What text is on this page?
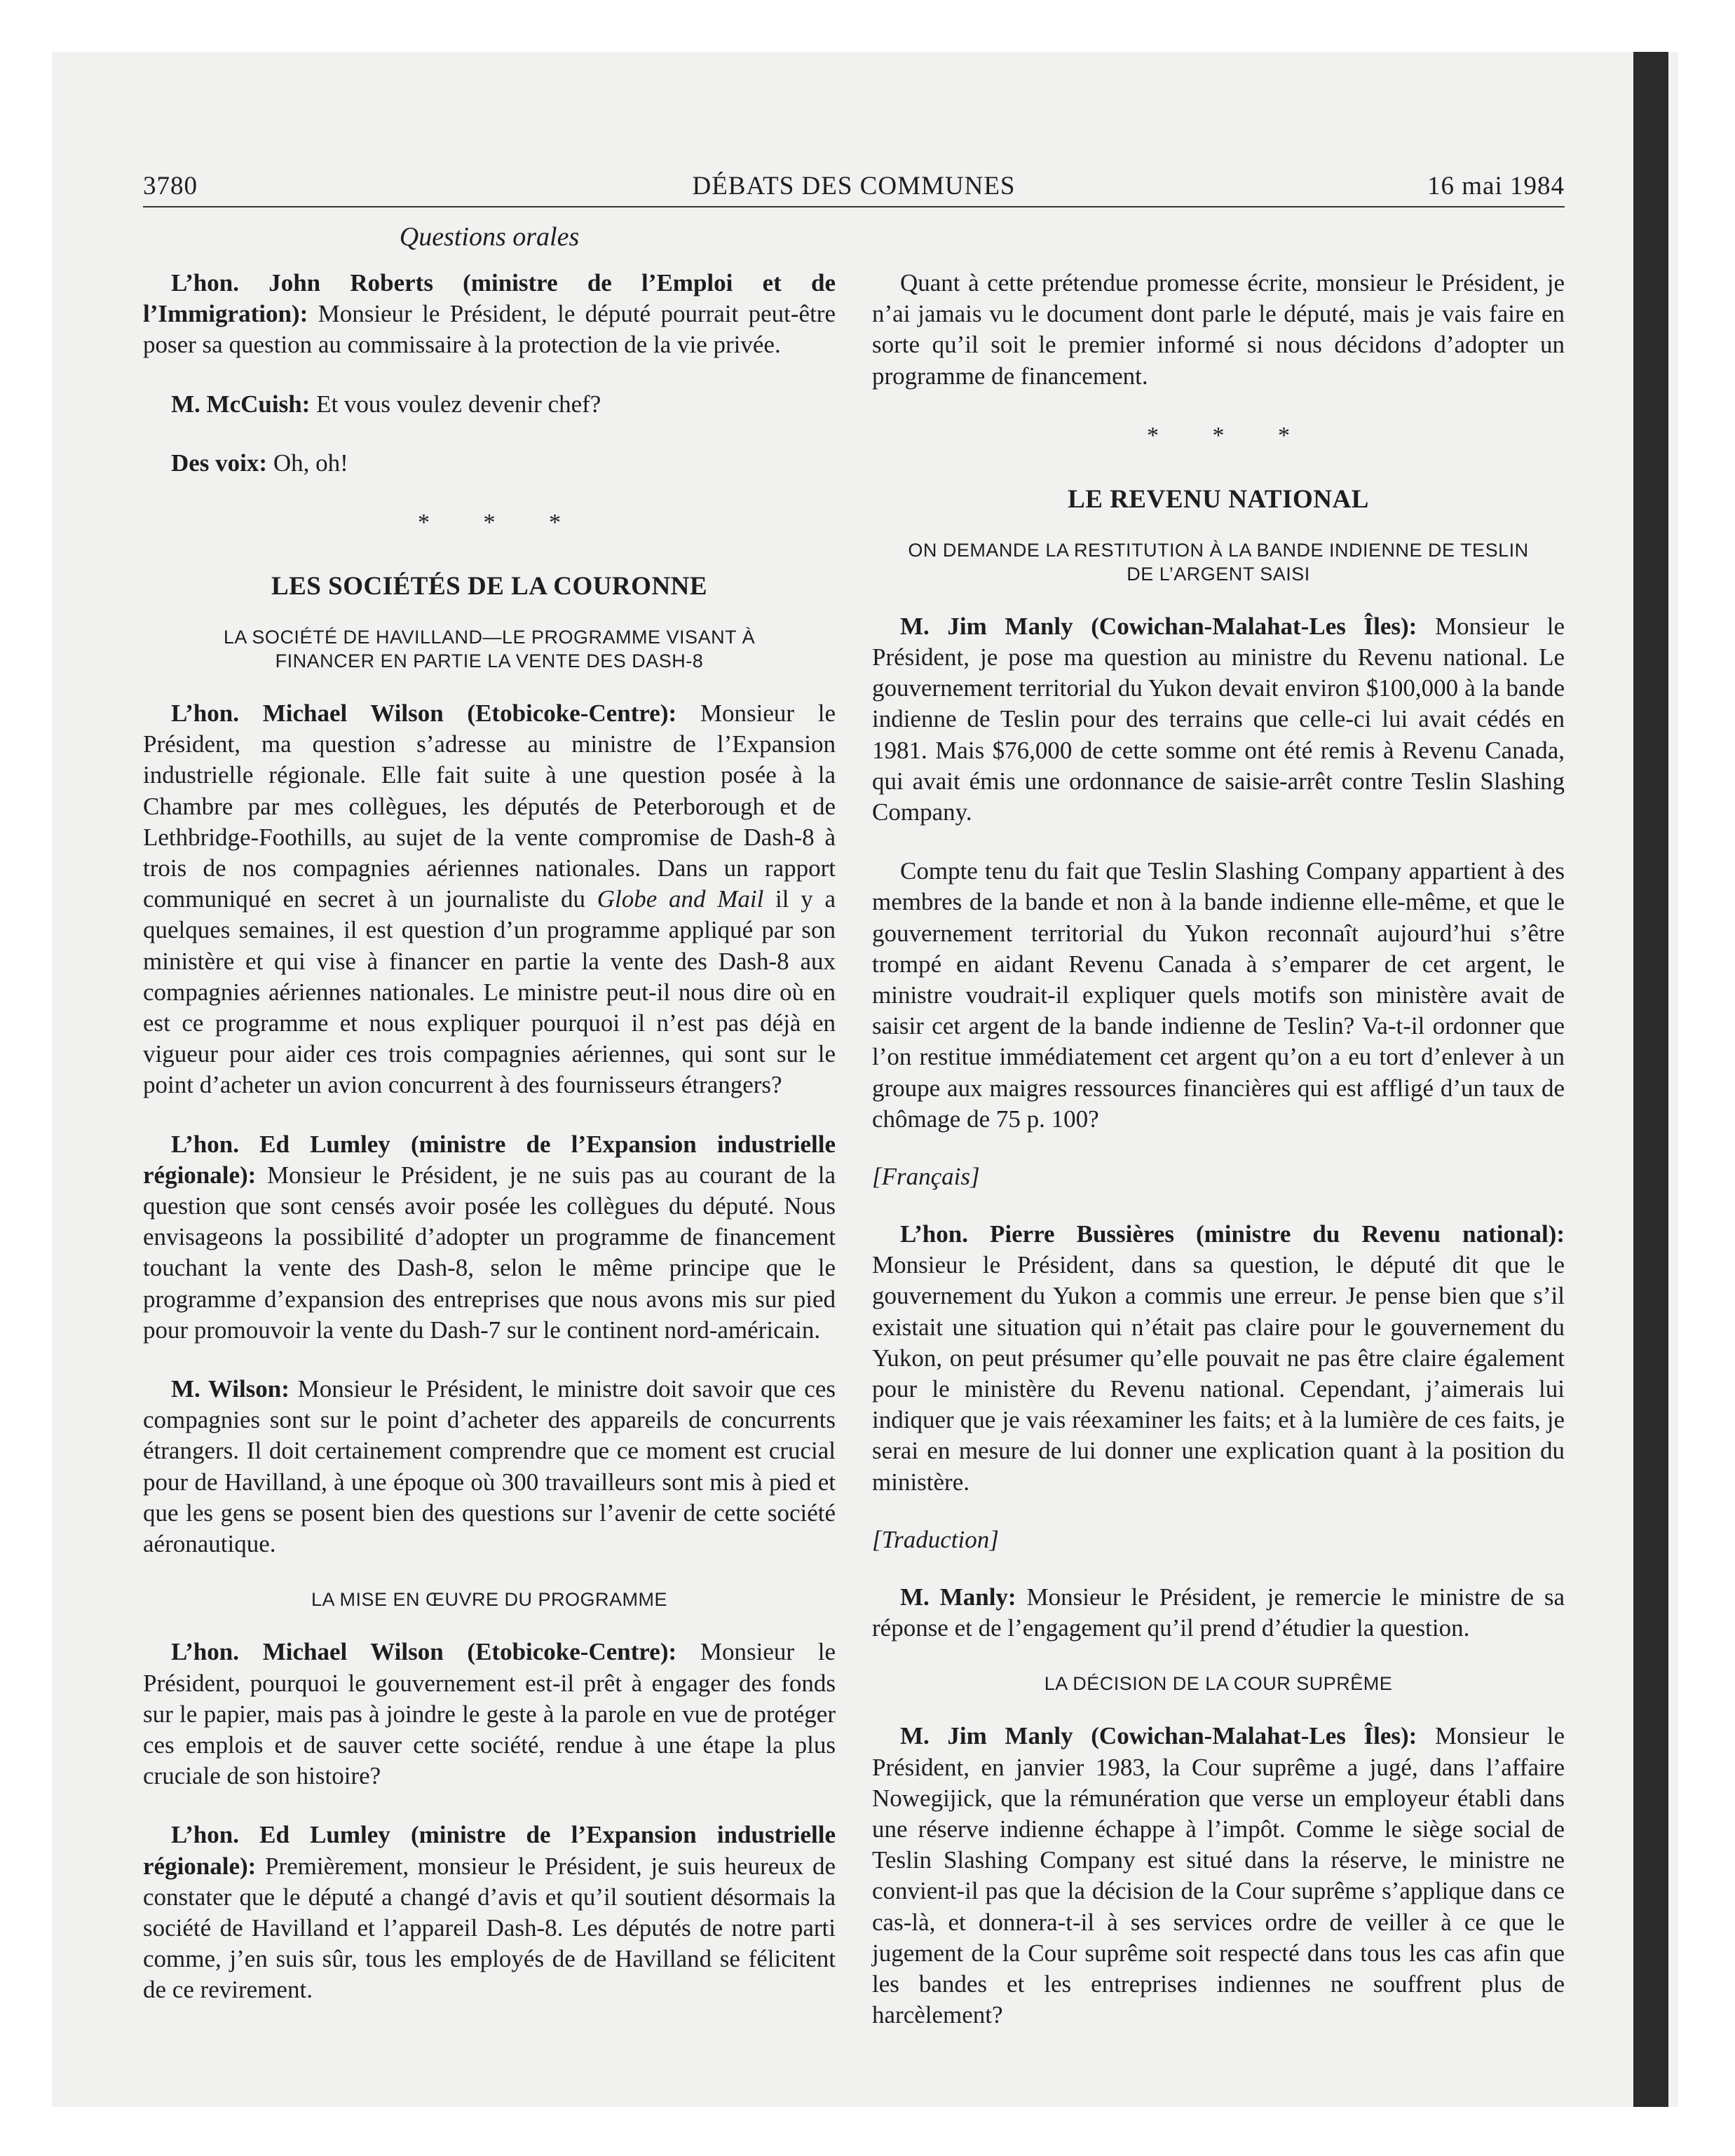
3780	DÉBATS DES COMMUNES	16 mai 1984
Questions orales

L’hon. John Roberts (ministre de l’Emploi et de l’Immigration): Monsieur le Président, le député pourrait peut-être poser sa question au commissaire à la protection de la vie privée.

M. McCuish: Et vous voulez devenir chef?

Des voix: Oh, oh!

* * *
LES SOCIÉTÉS DE LA COURONNE
LA SOCIÉTÉ DE HAVILLAND—LE PROGRAMME VISANT À FINANCER EN PARTIE LA VENTE DES DASH-8

L’hon. Michael Wilson (Etobicoke-Centre): Monsieur le Président, ma question s’adresse au ministre de l’Expansion industrielle régionale. Elle fait suite à une question posée à la Chambre par mes collègues, les députés de Peterborough et de Lethbridge-Foothills, au sujet de la vente compromise de Dash-8 à trois de nos compagnies aériennes nationales. Dans un rapport communiqué en secret à un journaliste du Globe and Mail il y a quelques semaines, il est question d’un programme appliqué par son ministère et qui vise à financer en partie la vente des Dash-8 aux compagnies aériennes nationales. Le ministre peut-il nous dire où en est ce programme et nous expliquer pourquoi il n’est pas déjà en vigueur pour aider ces trois compagnies aériennes, qui sont sur le point d’acheter un avion concurrent à des fournisseurs étrangers?

L’hon. Ed Lumley (ministre de l’Expansion industrielle régionale): Monsieur le Président, je ne suis pas au courant de la question que sont censés avoir posée les collègues du député. Nous envisageons la possibilité d’adopter un programme de financement touchant la vente des Dash-8, selon le même principe que le programme d’expansion des entreprises que nous avons mis sur pied pour promouvoir la vente du Dash-7 sur le continent nord-américain.

M. Wilson: Monsieur le Président, le ministre doit savoir que ces compagnies sont sur le point d’acheter des appareils de concurrents étrangers. Il doit certainement comprendre que ce moment est crucial pour de Havilland, à une époque où 300 travailleurs sont mis à pied et que les gens se posent bien des questions sur l’avenir de cette société aéronautique.

LA MISE EN ŒUVRE DU PROGRAMME

L’hon. Michael Wilson (Etobicoke-Centre): Monsieur le Président, pourquoi le gouvernement est-il prêt à engager des fonds sur le papier, mais pas à joindre le geste à la parole en vue de protéger ces emplois et de sauver cette société, rendue à une étape la plus cruciale de son histoire?

L’hon. Ed Lumley (ministre de l’Expansion industrielle régionale): Premièrement, monsieur le Président, je suis heureux de constater que le député a changé d’avis et qu’il soutient désormais la société de Havilland et l’appareil Dash-8. Les députés de notre parti comme, j’en suis sûr, tous les employés de de Havilland se félicitent de ce revirement.

Quant à cette prétendue promesse écrite, monsieur le Président, je n’ai jamais vu le document dont parle le député, mais je vais faire en sorte qu’il soit le premier informé si nous décidons d’adopter un programme de financement.

* * *
LE REVENU NATIONAL
ON DEMANDE LA RESTITUTION À LA BANDE INDIENNE DE TESLIN DE L’ARGENT SAISI

M. Jim Manly (Cowichan-Malahat-Les Îles): Monsieur le Président, je pose ma question au ministre du Revenu national. Le gouvernement territorial du Yukon devait environ $100,000 à la bande indienne de Teslin pour des terrains que celle-ci lui avait cédés en 1981. Mais $76,000 de cette somme ont été remis à Revenu Canada, qui avait émis une ordonnance de saisie-arrêt contre Teslin Slashing Company.

Compte tenu du fait que Teslin Slashing Company appartient à des membres de la bande et non à la bande indienne elle-même, et que le gouvernement territorial du Yukon reconnaît aujourd’hui s’être trompé en aidant Revenu Canada à s’emparer de cet argent, le ministre voudrait-il expliquer quels motifs son ministère avait de saisir cet argent de la bande indienne de Teslin? Va-t-il ordonner que l’on restitue immédiatement cet argent qu’on a eu tort d’enlever à un groupe aux maigres ressources financières qui est affligé d’un taux de chômage de 75 p. 100?

[Français]

L’hon. Pierre Bussières (ministre du Revenu national): Monsieur le Président, dans sa question, le député dit que le gouvernement du Yukon a commis une erreur. Je pense bien que s’il existait une situation qui n’était pas claire pour le gouvernement du Yukon, on peut présumer qu’elle pouvait ne pas être claire également pour le ministère du Revenu national. Cependant, j’aimerais lui indiquer que je vais réexaminer les faits; et à la lumière de ces faits, je serai en mesure de lui donner une explication quant à la position du ministère.

[Traduction]

M. Manly: Monsieur le Président, je remercie le ministre de sa réponse et de l’engagement qu’il prend d’étudier la question.

LA DÉCISION DE LA COUR SUPRÊME

M. Jim Manly (Cowichan-Malahat-Les Îles): Monsieur le Président, en janvier 1983, la Cour suprême a jugé, dans l’affaire Nowegijick, que la rémunération que verse un employeur établi dans une réserve indienne échappe à l’impôt. Comme le siège social de Teslin Slashing Company est situé dans la réserve, le ministre ne convient-il pas que la décision de la Cour suprême s’applique dans ce cas-là, et donnera-t-il à ses services ordre de veiller à ce que le jugement de la Cour suprême soit respecté dans tous les cas afin que les bandes et les entreprises indiennes ne souffrent plus de harcèlement?
